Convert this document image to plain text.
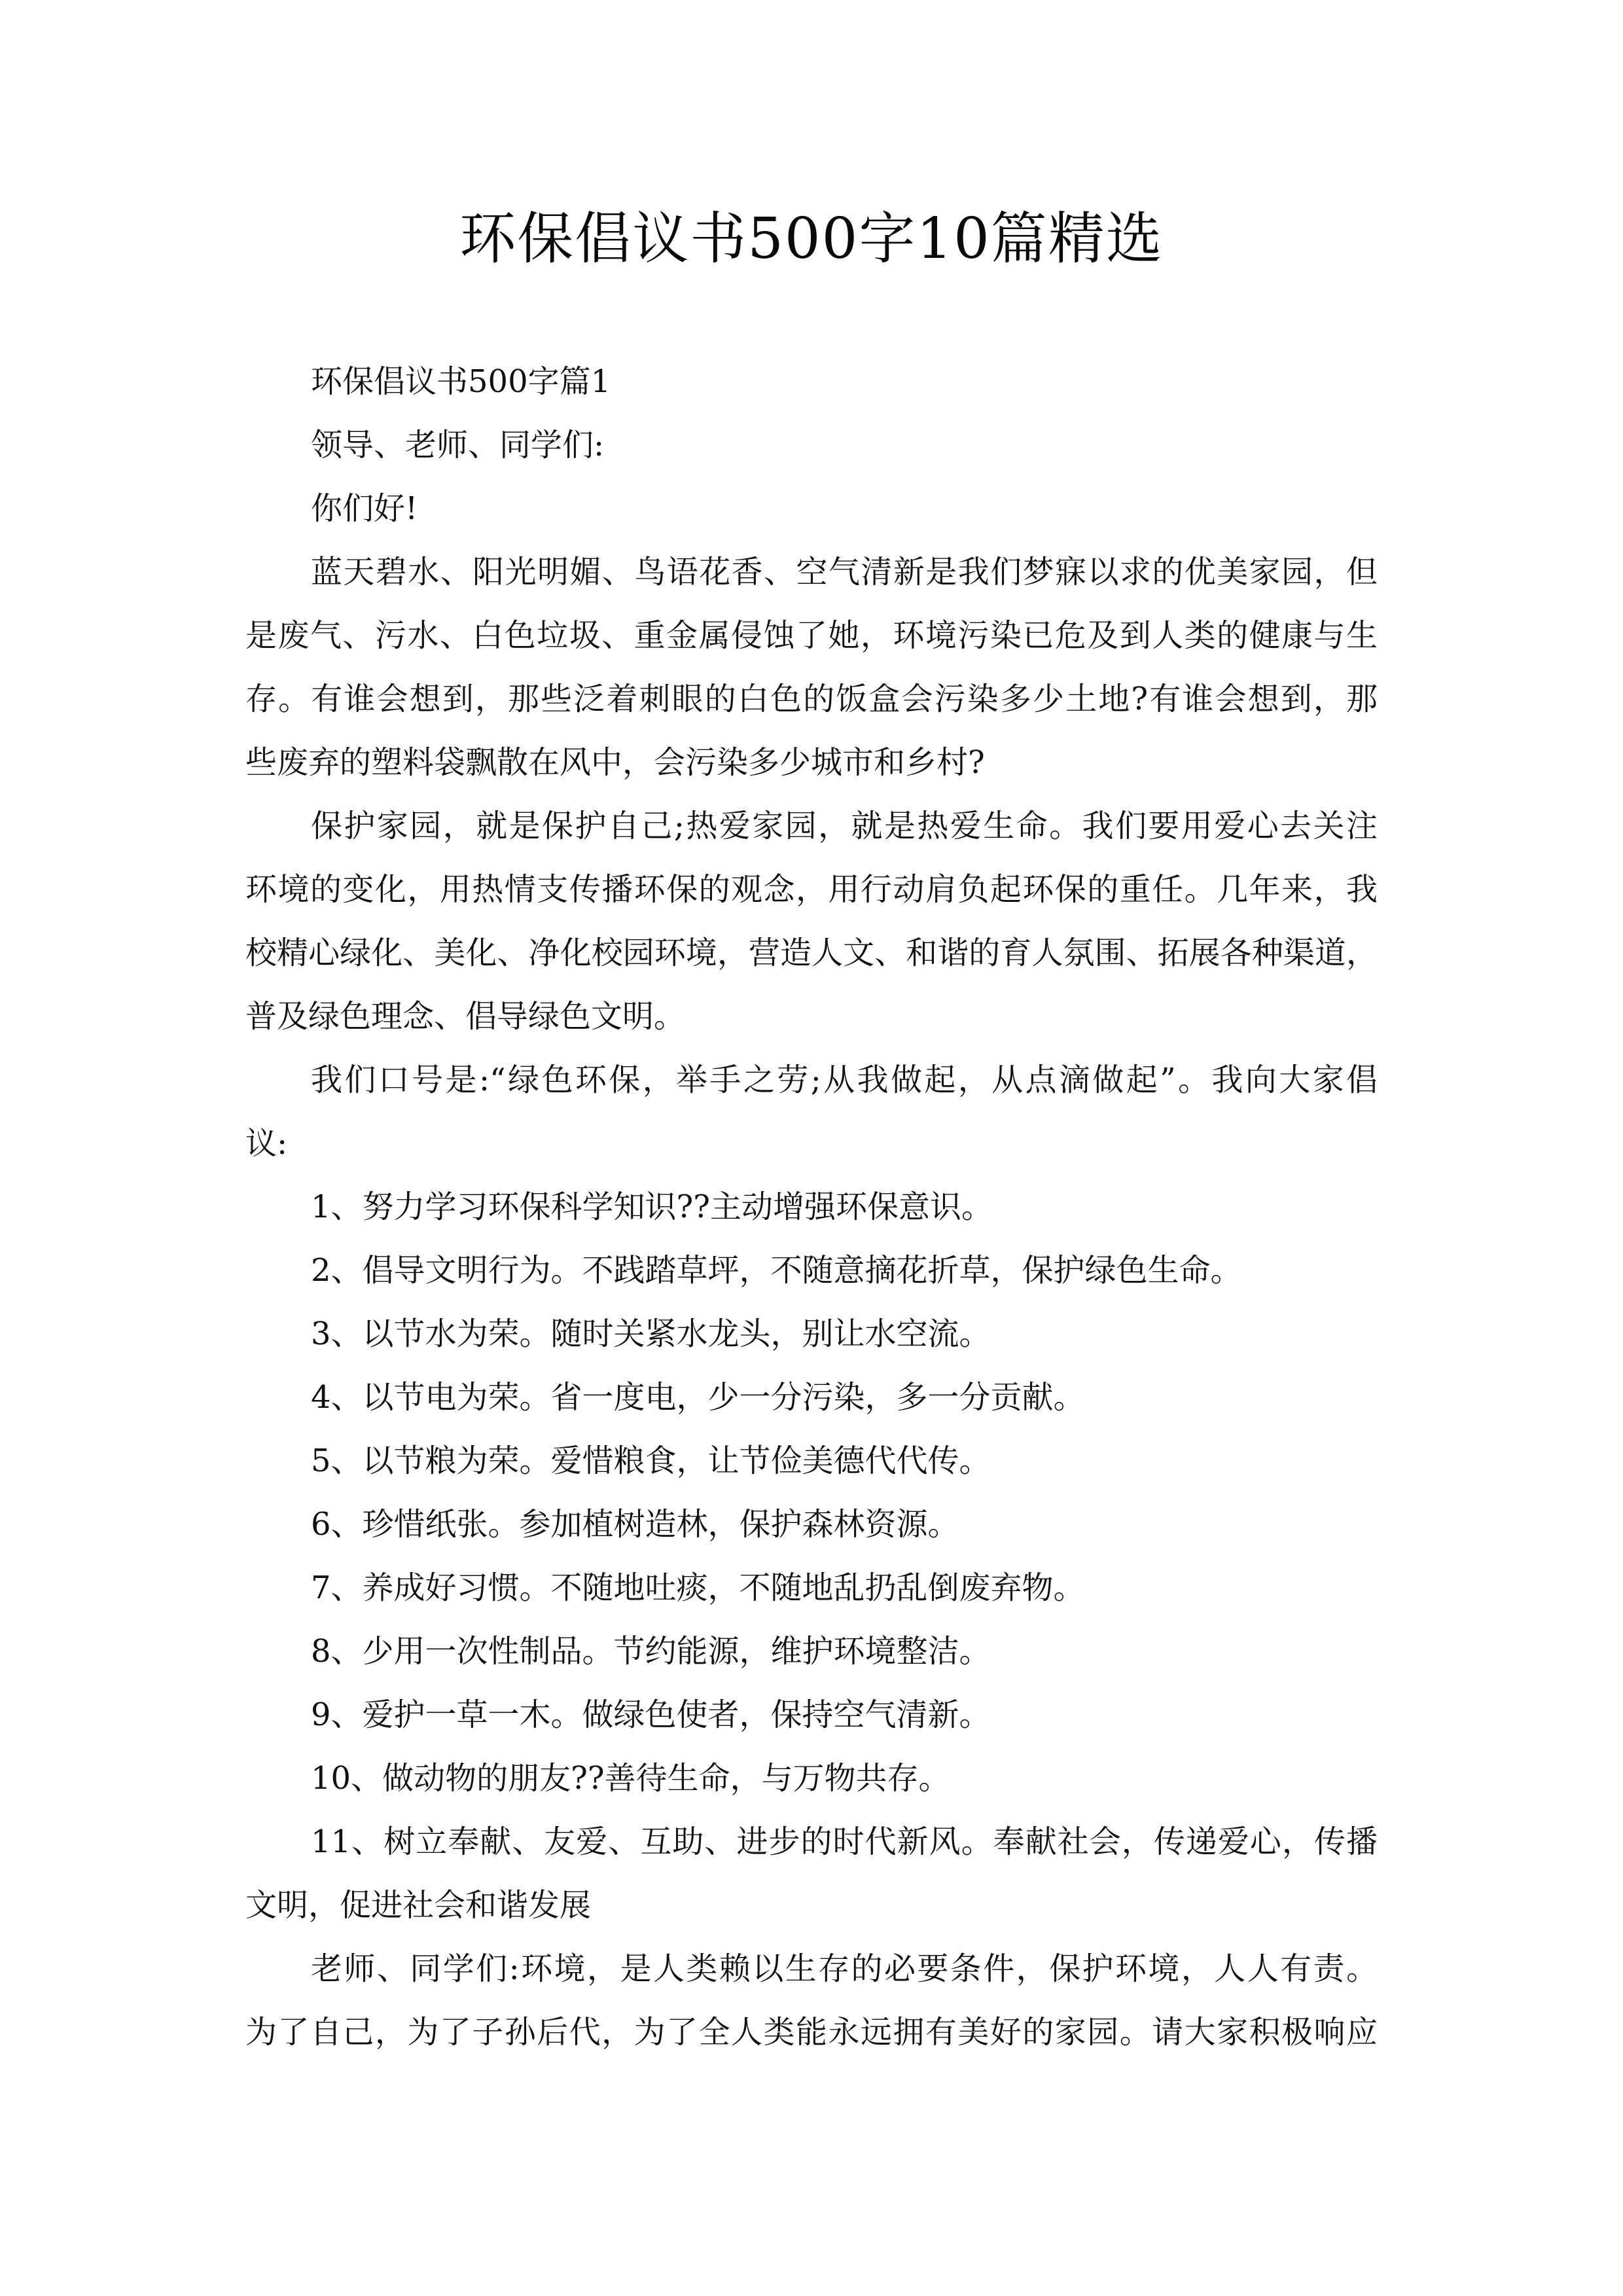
环保倡议书500字10篇精选
环保倡议书500字篇1
领导、老师、同学们:
你们好!
蓝天碧水、阳光明媚、鸟语花香、空气清新是我们梦寐以求的优美家园，但
是废气、污水、白色垃圾、重金属侵蚀了她，环境污染已危及到人类的健康与生
存。有谁会想到，那些泛着刺眼的白色的饭盒会污染多少土地?有谁会想到，那
些废弃的塑料袋飘散在风中，会污染多少城市和乡村?
保护家园，就是保护自己;热爱家园，就是热爱生命。我们要用爱心去关注
环境的变化，用热情支传播环保的观念，用行动肩负起环保的重任。几年来，我
校精心绿化、美化、净化校园环境，营造人文、和谐的育人氛围、拓展各种渠道，
普及绿色理念、倡导绿色文明。
我们口号是:“绿色环保，举手之劳;从我做起，从点滴做起”。我向大家倡
议:
1、努力学习环保科学知识??主动增强环保意识。
2、倡导文明行为。不践踏草坪，不随意摘花折草，保护绿色生命。
3、以节水为荣。随时关紧水龙头，别让水空流。
4、以节电为荣。省一度电，少一分污染，多一分贡献。
5、以节粮为荣。爱惜粮食，让节俭美德代代传。
6、珍惜纸张。参加植树造林，保护森林资源。
7、养成好习惯。不随地吐痰，不随地乱扔乱倒废弃物。
8、少用一次性制品。节约能源，维护环境整洁。
9、爱护一草一木。做绿色使者，保持空气清新。
10、做动物的朋友??善待生命，与万物共存。
11、树立奉献、友爱、互助、进步的时代新风。奉献社会，传递爱心，传播
文明，促进社会和谐发展
老师、同学们:环境，是人类赖以生存的必要条件，保护环境，人人有责。
为了自己，为了子孙后代，为了全人类能永远拥有美好的家园。请大家积极响应
